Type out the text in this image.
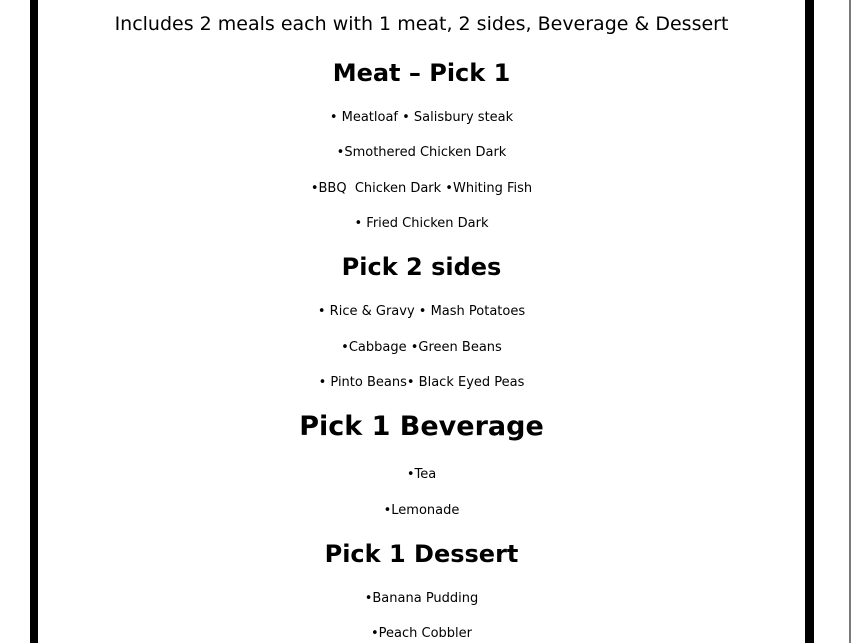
Includes 2 meals each with 1 meat, 2 sides, Beverage & Dessert

Meat – Pick 1

• Meatloaf • Salisbury steak

•Smothered Chicken Dark

•BBQ  Chicken Dark •Whiting Fish

• Fried Chicken Dark

Pick 2 sides

• Rice & Gravy • Mash Potatoes

•Cabbage •Green Beans

• Pinto Beans• Black Eyed Peas

Pick 1 Beverage

•Tea

•Lemonade

Pick 1 Dessert

•Banana Pudding

•Peach Cobbler
